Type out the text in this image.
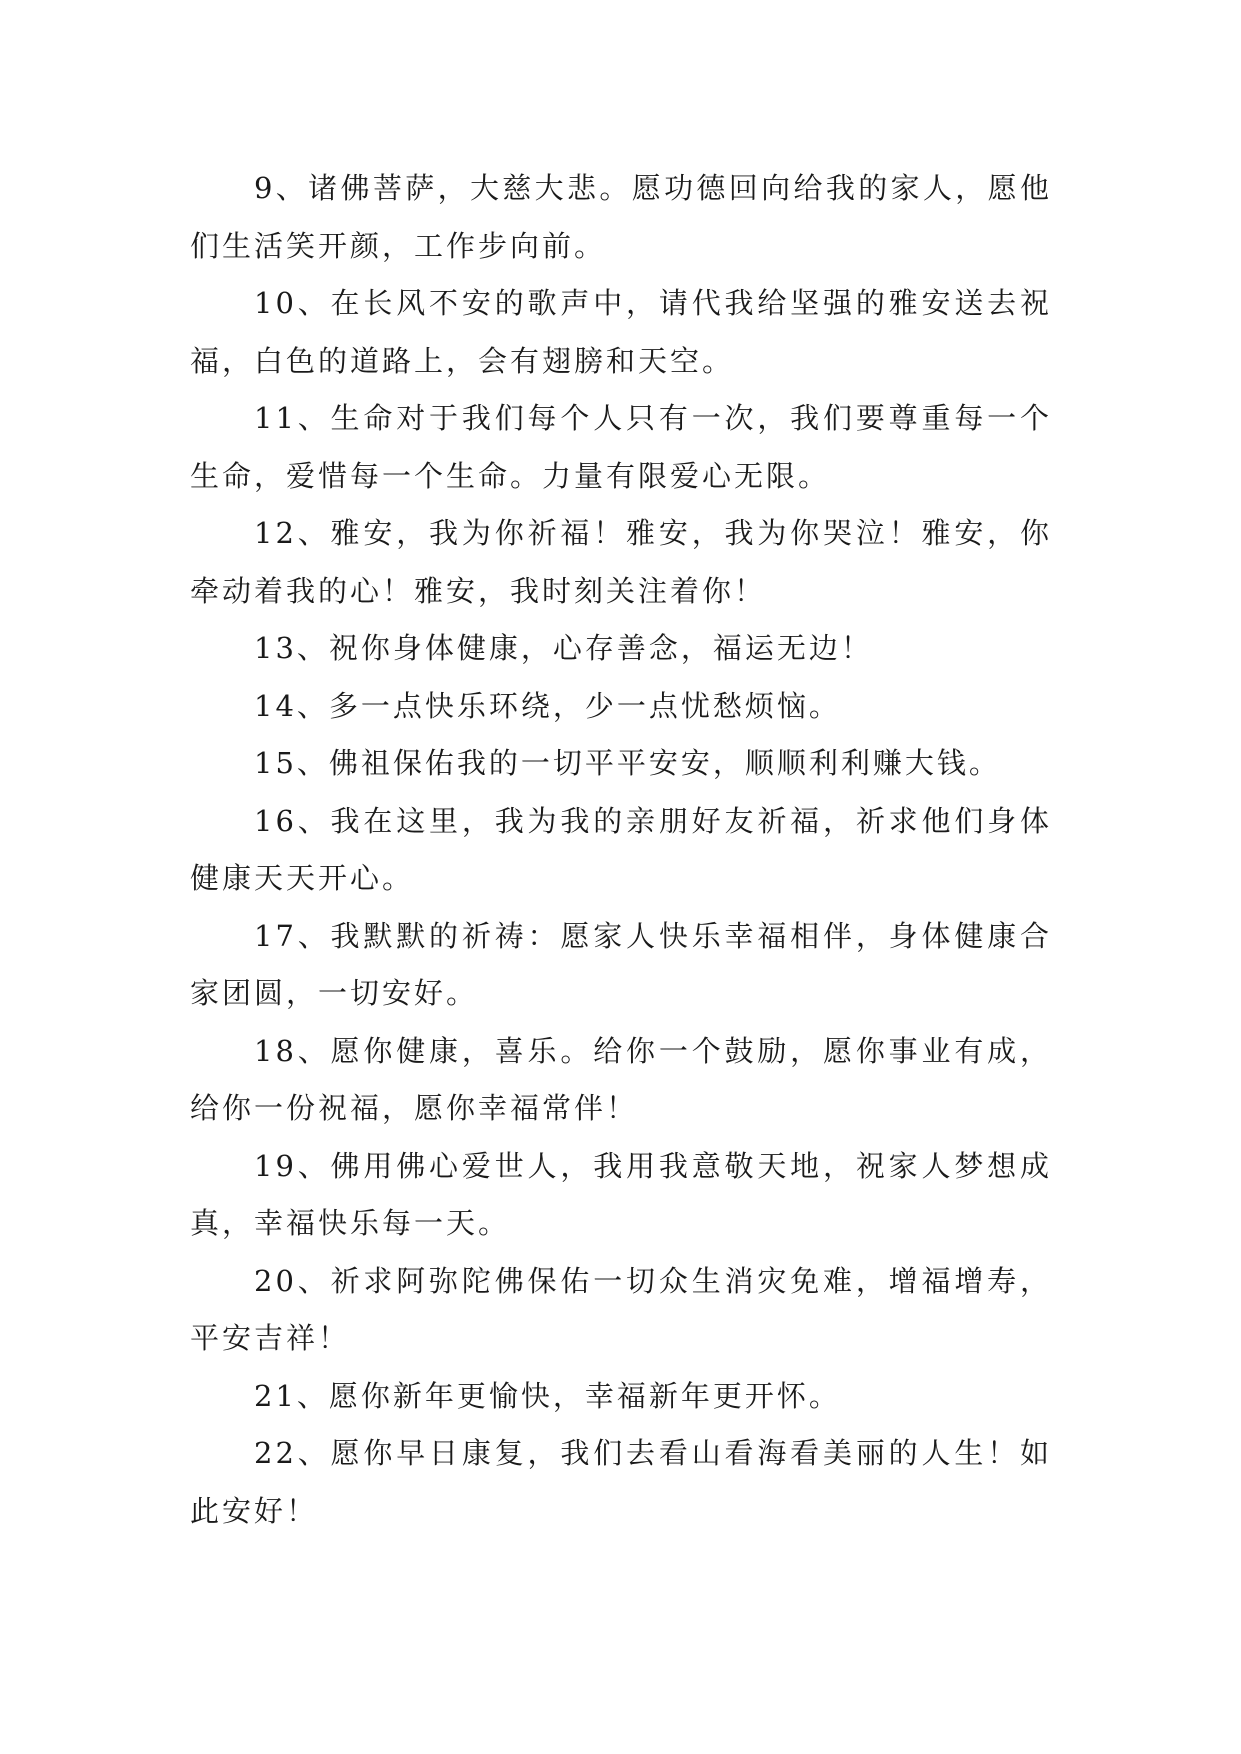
9、诸佛菩萨，大慈大悲。愿功德回向给我的家人，愿他们生活笑开颜，工作步向前。

10、在长风不安的歌声中，请代我给坚强的雅安送去祝福，白色的道路上，会有翅膀和天空。

11、生命对于我们每个人只有一次，我们要尊重每一个生命，爱惜每一个生命。力量有限爱心无限。

12、雅安，我为你祈福！雅安，我为你哭泣！雅安，你牵动着我的心！雅安，我时刻关注着你！

13、祝你身体健康，心存善念，福运无边！

14、多一点快乐环绕，少一点忧愁烦恼。

15、佛祖保佑我的一切平平安安，顺顺利利赚大钱。

16、我在这里，我为我的亲朋好友祈福，祈求他们身体健康天天开心。

17、我默默的祈祷：愿家人快乐幸福相伴，身体健康合家团圆，一切安好。

18、愿你健康，喜乐。给你一个鼓励，愿你事业有成，给你一份祝福，愿你幸福常伴！

19、佛用佛心爱世人，我用我意敬天地，祝家人梦想成真，幸福快乐每一天。

20、祈求阿弥陀佛保佑一切众生消灾免难，增福增寿，平安吉祥！

21、愿你新年更愉快，幸福新年更开怀。

22、愿你早日康复，我们去看山看海看美丽的人生！如此安好！
